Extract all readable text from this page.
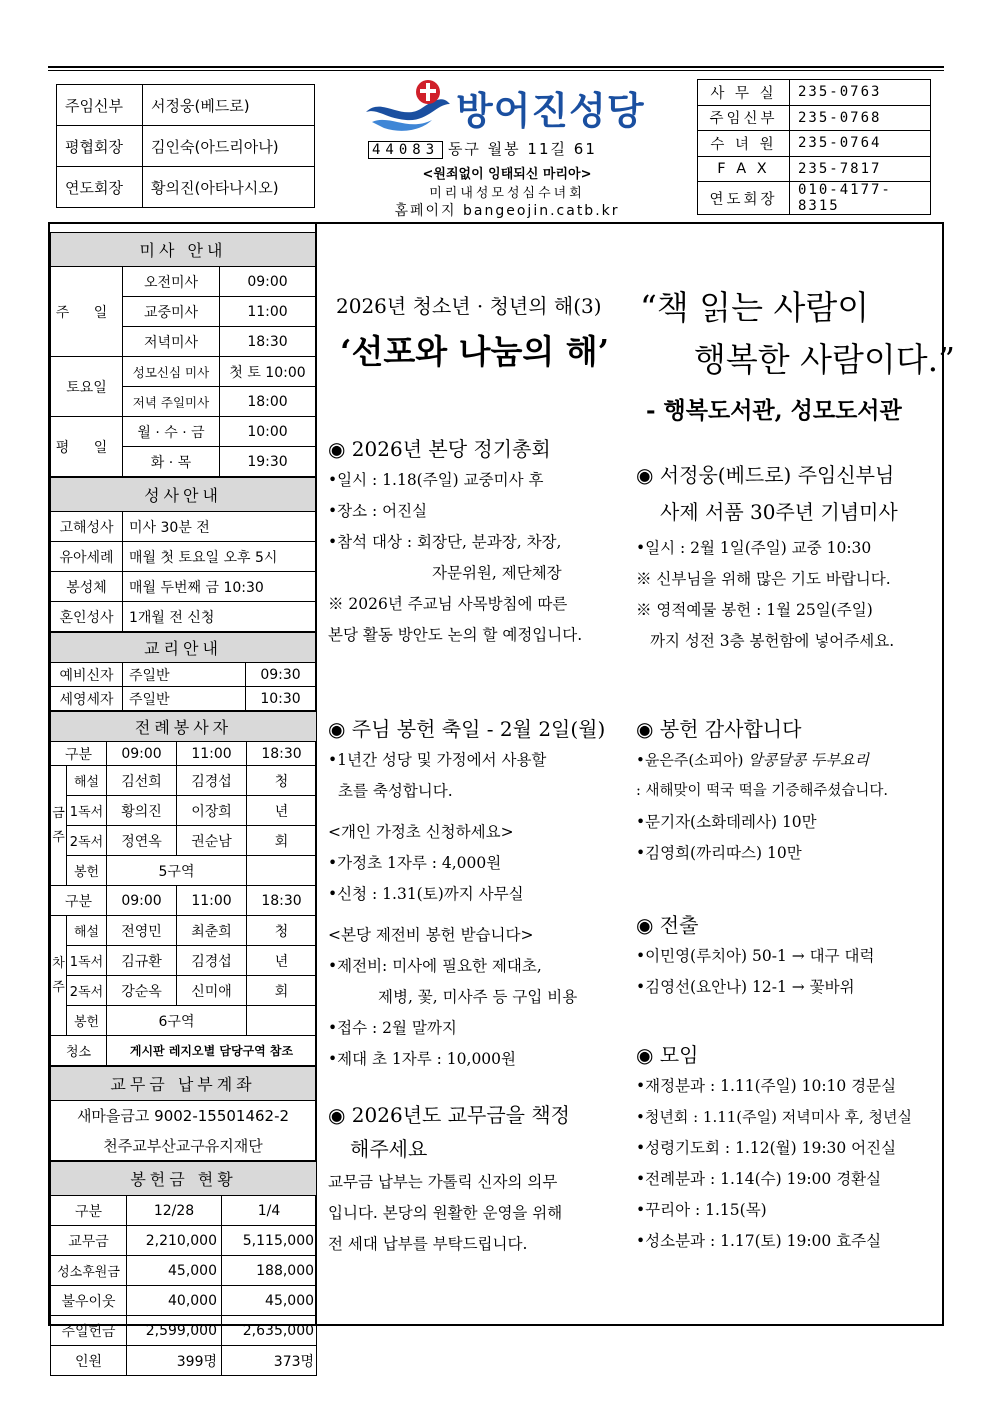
주임신부	서정웅(베드로)
평협회장	김인숙(아드리아나)
연도회장	황의진(아타나시오)
방어진성당
44083 동구 월봉 11길 61
<원죄없이 잉태되신 마리아>
미리내성모성심수녀회
홈페이지 bangeojin.catb.kr
사 무 실	235-0763
주임신부	235-0768
수 녀 원	235-0764
F A X	235-7817
연도회장	010-4177-8315
미사 안내		
주 일	오전미사	09:00
	교중미사	11:00
	저녁미사	18:30
토요일	성모신심 미사	첫 토 10:00
	저녁 주일미사	18:00
평 일	월 · 수 · 금	10:00
	화 · 목	19:30
성사안내	
고해성사	미사 30분 전
유아세례	매월 첫 토요일 오후 5시
봉성체	매월 두번째 금 10:30
혼인성사	1개월 전 신청
교리안내		
예비신자	주일반	09:30
세영세자	주일반	10:30
전례봉사자				
구분		09:00	11:00	18:30
금
주	해설	김선희	김경섭	청
	1독서	황의진	이장희	년
	2독서	정연옥	권순남	회
	봉헌	5구역		
구분		09:00	11:00	18:30
차
주	해설	전영민	최춘희	청
	1독서	김규환	김경섭	년
	2독서	강순옥	신미애	회
	봉헌	6구역		
청소		게시판 레지오별 담당구역 참조		
교무금 납부계좌
새마을금고 9002-15501462-2
천주교부산교구유지재단
봉헌금 현황		
구분	12/28	1/4
교무금	2,210,000	5,115,000
성소후원금	45,000	188,000
불우이웃	40,000	45,000
주일헌금	2,599,000	2,635,000
인원	399명	373명
2026년 청소년 · 청년의 해(3)
‘선포와 나눔의 해’
◉ 2026년 본당 정기총회
•일시 : 1.18(주일) 교중미사 후
•장소 : 어진실
•참석 대상 : 회장단, 분과장, 차장,
자문위원, 제단체장
※ 2026년 주교님 사목방침에 따른
본당 활동 방안도 논의 할 예정입니다.
◉ 주님 봉헌 축일 - 2월 2일(월)
•1년간 성당 및 가정에서 사용할
초를 축성합니다.
<개인 가정초 신청하세요>
•가정초 1자루 : 4,000원
•신청 : 1.31(토)까지 사무실
<본당 제전비 봉헌 받습니다>
•제전비: 미사에 필요한 제대초,
제병, 꽃, 미사주 등 구입 비용
•접수 : 2월 말까지
•제대 초 1자루 : 10,000원
◉ 2026년도 교무금을 책정
해주세요
교무금 납부는 가톨릭 신자의 의무
입니다. 본당의 원활한 운영을 위해
전 세대 납부를 부탁드립니다.
“책 읽는 사람이
행복한 사람이다.”
- 행복도서관, 성모도서관
◉ 서정웅(베드로) 주임신부님
사제 서품 30주년 기념미사
•일시 : 2월 1일(주일) 교중 10:30
※ 신부님을 위해 많은 기도 바랍니다.
※ 영적예물 봉헌 : 1월 25일(주일)
까지 성전 3층 봉헌함에 넣어주세요.
◉ 봉헌 감사합니다
•윤은주(소피아) 알콩달콩 두부요리
: 새해맞이 떡국 떡을 기증해주셨습니다.
•문기자(소화데레사) 10만
•김영희(까리따스) 10만
◉ 전출
•이민영(루치아) 50-1 → 대구 대럭
•김영선(요안나) 12-1 → 꽃바위
◉ 모임
•재정분과 : 1.11(주일) 10:10 경문실
•청년회 : 1.11(주일) 저녁미사 후, 청년실
•성령기도회 : 1.12(월) 19:30 어진실
•전례분과 : 1.14(수) 19:00 경환실
•꾸리아 : 1.15(목)
•성소분과 : 1.17(토) 19:00 효주실
